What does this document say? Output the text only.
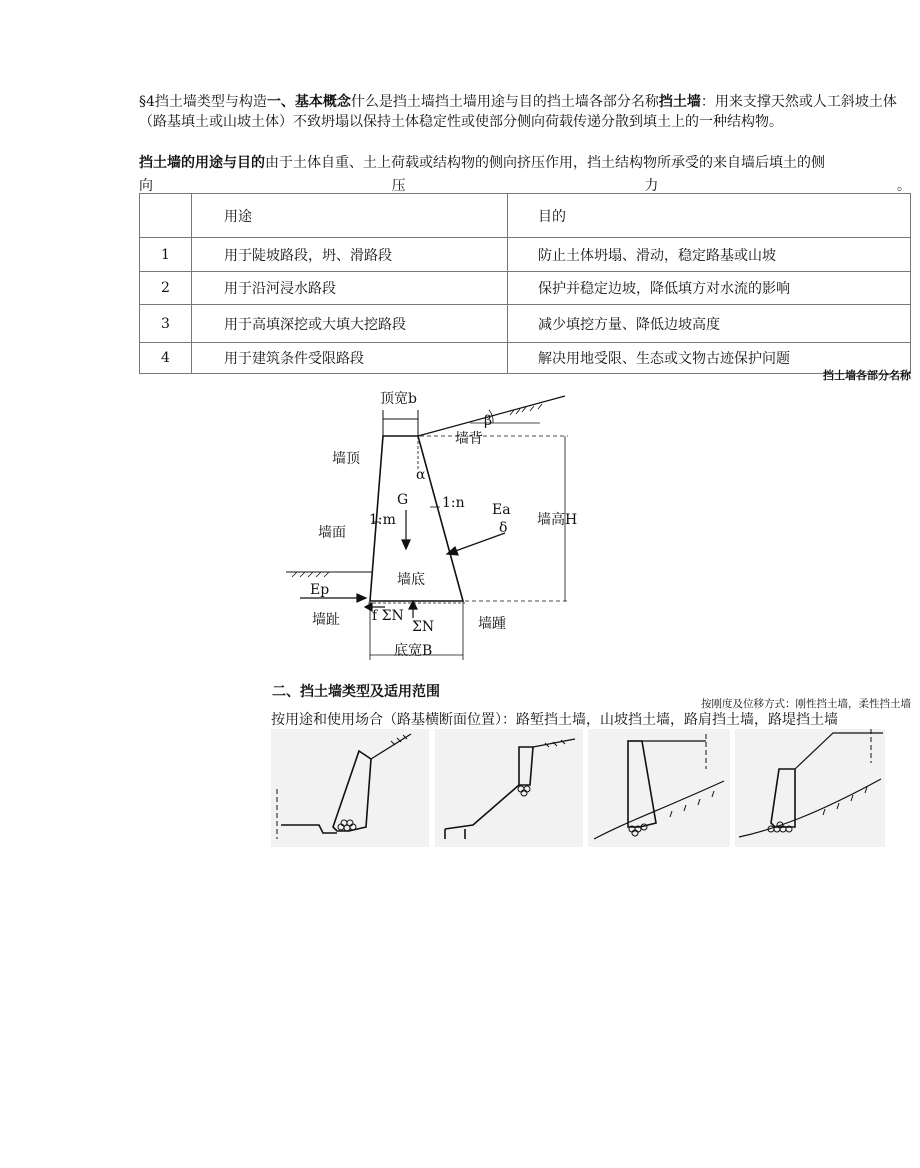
§4挡土墙类型与构造一、基本概念什么是挡土墙挡土墙用途与目的挡土墙各部分名称挡土墙：用来支撑天然或人工斜坡土体（路基填土或山坡土体）不致坍塌以保持土体稳定性或使部分侧向荷载传递分散到填土上的一种结构物。
挡土墙的用途与目的由于土体自重、土上荷载或结构物的侧向挤压作用，挡土结构物所承受的来自墙后填土的侧
向	压	力	。
	用途	目的
1	用于陡坡路段，坍、滑路段	防止土体坍塌、滑动，稳定路基或山坡
2	用于沿河浸水路段	保护并稳定边坡，降低填方对水流的影响
3	用于高填深挖或大填大挖路段	减少填挖方量、降低边坡高度
4	用于建筑条件受限路段	解决用地受限、生态或文物古迹保护问题
挡土墙各部分名称
顶宽b
β
墙顶
α
墙背
G
1:m
1:n Ea
δ 墙高H
墙面
墙底
Ep
墙趾 f ΣN
ΣN	墙踵
底宽B
二、挡土墙类型及适用范围
按刚度及位移方式：刚性挡土墙，柔性挡土墙
按用途和使用场合（路基横断面位置）：路堑挡土墙，山坡挡土墙，路肩挡土墙，路堤挡土墙
